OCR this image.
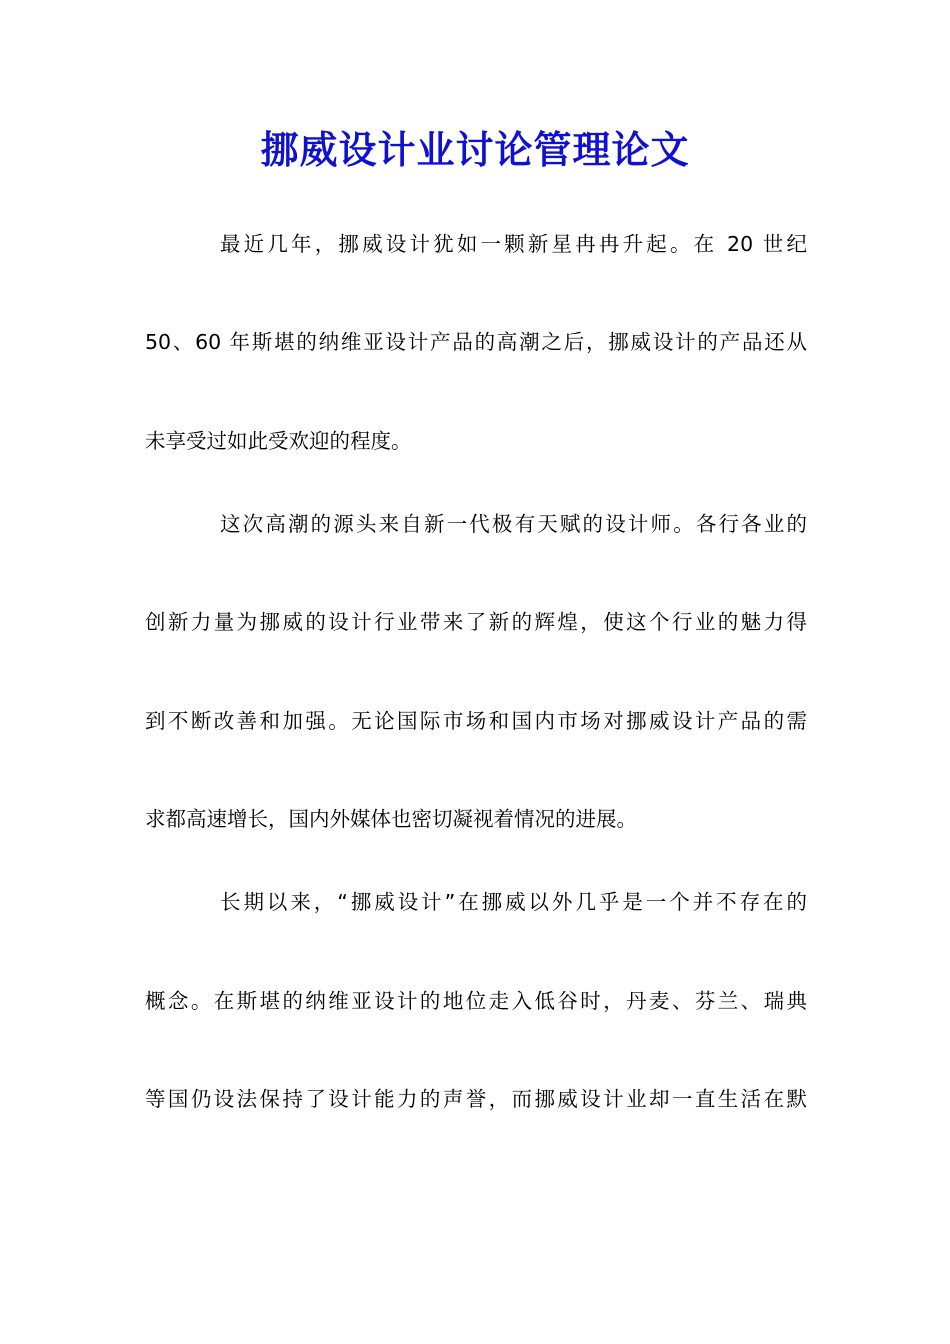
挪威设计业讨论管理论文
最近几年，挪威设计犹如一颗新星冉冉升起。在 20 世纪
50、60 年斯堪的纳维亚设计产品的高潮之后，挪威设计的产品还从
未享受过如此受欢迎的程度。
这次高潮的源头来自新一代极有天赋的设计师。各行各业的
创新力量为挪威的设计行业带来了新的辉煌，使这个行业的魅力得
到不断改善和加强。无论国际市场和国内市场对挪威设计产品的需
求都高速增长，国内外媒体也密切凝视着情况的进展。
长期以来，“挪威设计”在挪威以外几乎是一个并不存在的
概念。在斯堪的纳维亚设计的地位走入低谷时，丹麦、芬兰、瑞典
等国仍设法保持了设计能力的声誉，而挪威设计业却一直生活在默
